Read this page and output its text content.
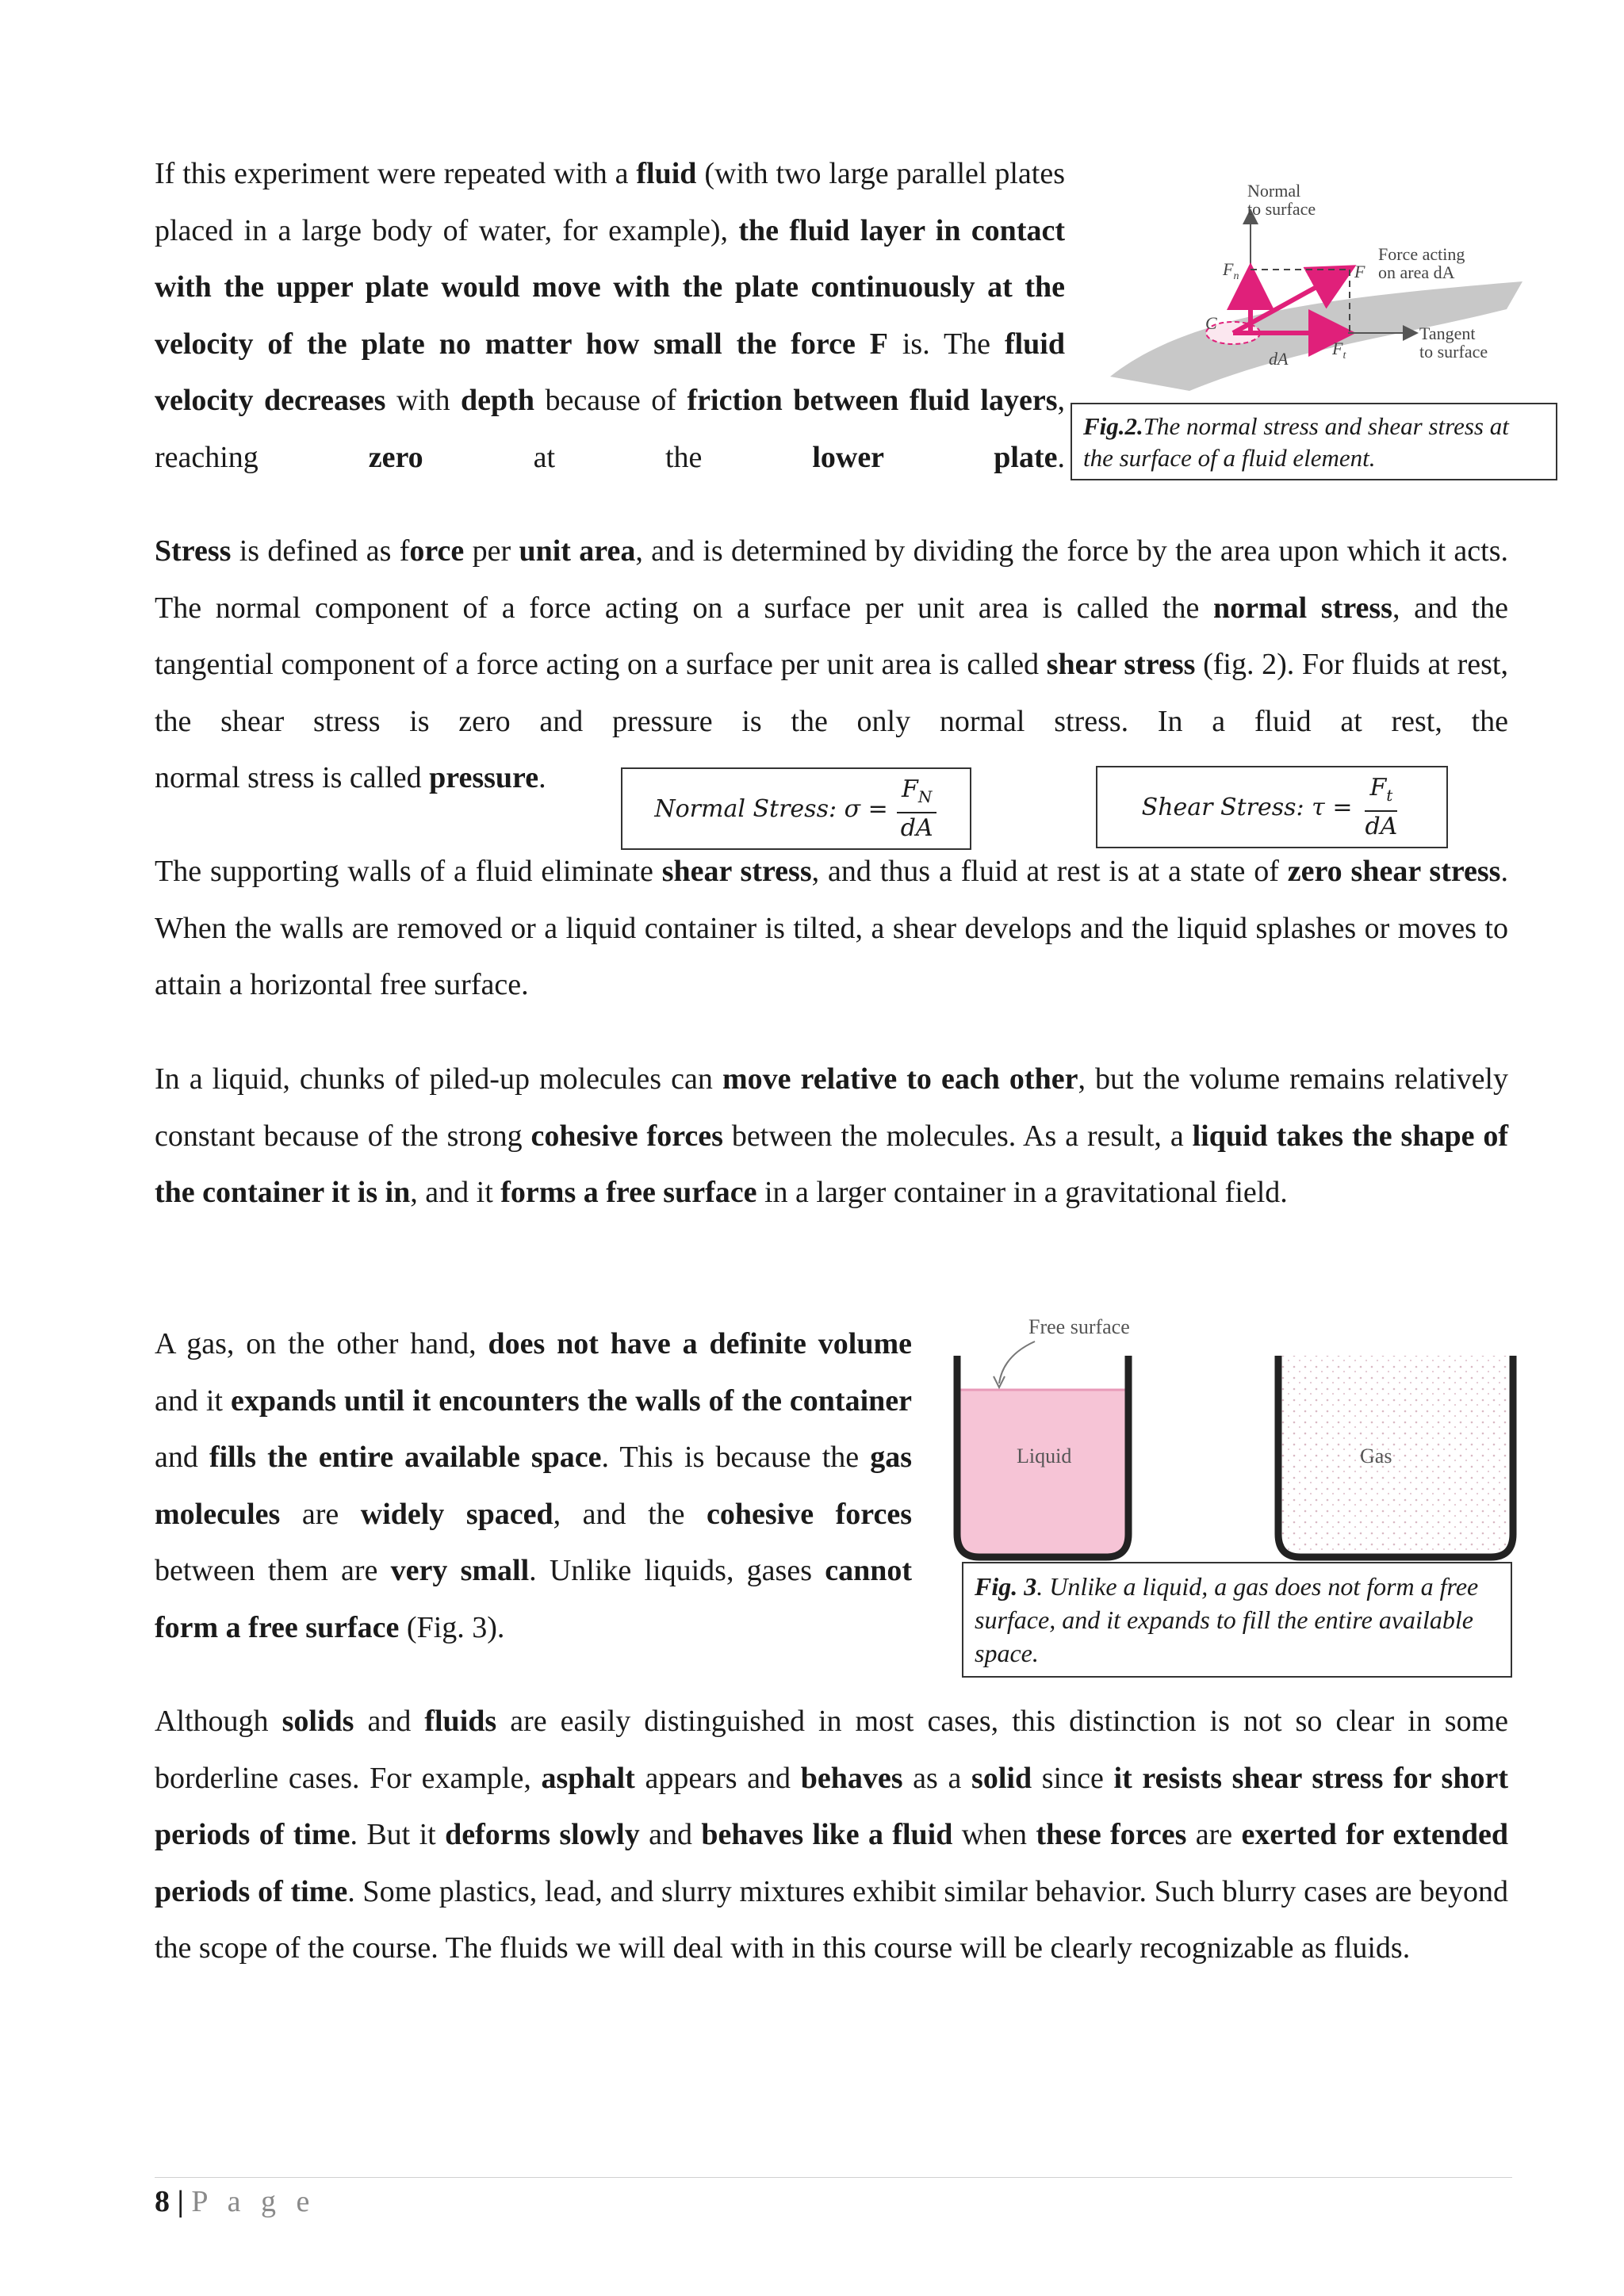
If this experiment were repeated with a fluid (with two large parallel plates placed in a large body of water, for example), the fluid layer in contact with the upper plate would move with the plate continuously at the velocity of the plate no matter how small the force F is. The fluid velocity decreases with depth because of friction between fluid layers, reaching zero at the lower plate.

Normal
to surface
Force acting
on area dA
Tangent
to surface
$F_n$	F
$F_t$
C
dA
Fig.2.The normal stress and shear stress at the surface of a fluid element.

Stress is defined as force per unit area, and is determined by dividing the force by the area upon which it acts. The normal component of a force acting on a surface per unit area is called the normal stress, and the tangential component of a force acting on a surface per unit area is called shear stress (fig. 2). For fluids at rest, the shear stress is zero and pressure is the only normal stress. In a fluid at rest, the

normal stress is called pressure.

Normal Stress: $\sigma = \frac{F_N}{dA}$	Shear Stress: $\tau = \frac{F_t}{dA}$

The supporting walls of a fluid eliminate shear stress, and thus a fluid at rest is at a state of zero shear stress. When the walls are removed or a liquid container is tilted, a shear develops and the liquid splashes or moves to attain a horizontal free surface.

In a liquid, chunks of piled-up molecules can move relative to each other, but the volume remains relatively constant because of the strong cohesive forces between the molecules. As a result, a liquid takes the shape of the container it is in, and it forms a free surface in a larger container in a gravitational field.

A gas, on the other hand, does not have a definite volume and it expands until it encounters the walls of the container and fills the entire available space. This is because the gas molecules are widely spaced, and the cohesive forces between them are very small. Unlike liquids, gases cannot form a free surface (Fig. 3).

Free surface
Liquid	Gas
Fig. 3. Unlike a liquid, a gas does not form a free surface, and it expands to fill the entire available space.

Although solids and fluids are easily distinguished in most cases, this distinction is not so clear in some borderline cases. For example, asphalt appears and behaves as a solid since it resists shear stress for short periods of time. But it deforms slowly and behaves like a fluid when these forces are exerted for extended periods of time. Some plastics, lead, and slurry mixtures exhibit similar behavior. Such blurry cases are beyond the scope of the course. The fluids we will deal with in this course will be clearly recognizable as fluids.

8 | P a g e
